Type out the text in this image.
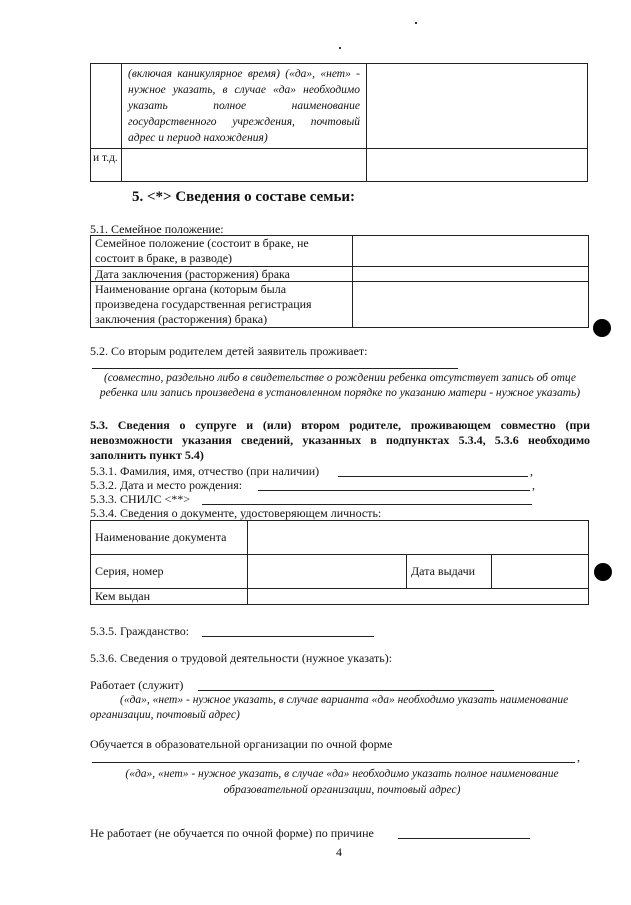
	(включая каникулярное время) («да», «нет» - нужное указать, в случае «да» необходимо указать полное наименование государственного учреждения, почтовый адрес и период нахождения)	
и т.д.		
5. <*> Сведения о составе семьи:
5.1. Семейное положение:
Семейное положение (состоит в браке, не состоит в браке, в разводе)	
Дата заключения (расторжения) брака	
Наименование органа (которым была произведена государственная регистрация заключения (расторжения) брака)	
5.2. Со вторым родителем детей заявитель проживает:
(совместно, раздельно либо в свидетельстве о рождении ребенка отсутствует запись об отце ребенка или запись произведена в установленном порядке по указанию матери - нужное указать)
5.3. Сведения о супруге и (или) втором родителе, проживающем совместно (при невозможности указания сведений, указанных в подпунктах 5.3.4, 5.3.6 необходимо заполнить пункт 5.4)
5.3.1. Фамилия, имя, отчество (при наличии)	,
5.3.2. Дата и место рождения:	,
5.3.3. СНИЛС <**>
5.3.4. Сведения о документе, удостоверяющем личность:
Наименование документа			
Серия, номер		Дата выдачи	
Кем выдан			
5.3.5. Гражданство:
5.3.6. Сведения о трудовой деятельности (нужное указать):
Работает (служит)
(«да», «нет» - нужное указать, в случае варианта «да» необходимо указать наименование организации, почтовый адрес)
Обучается в образовательной организации по очной форме
,
(«да», «нет» - нужное указать, в случае «да» необходимо указать полное наименование образовательной организации, почтовый адрес)
Не работает (не обучается по очной форме) по причине
4
